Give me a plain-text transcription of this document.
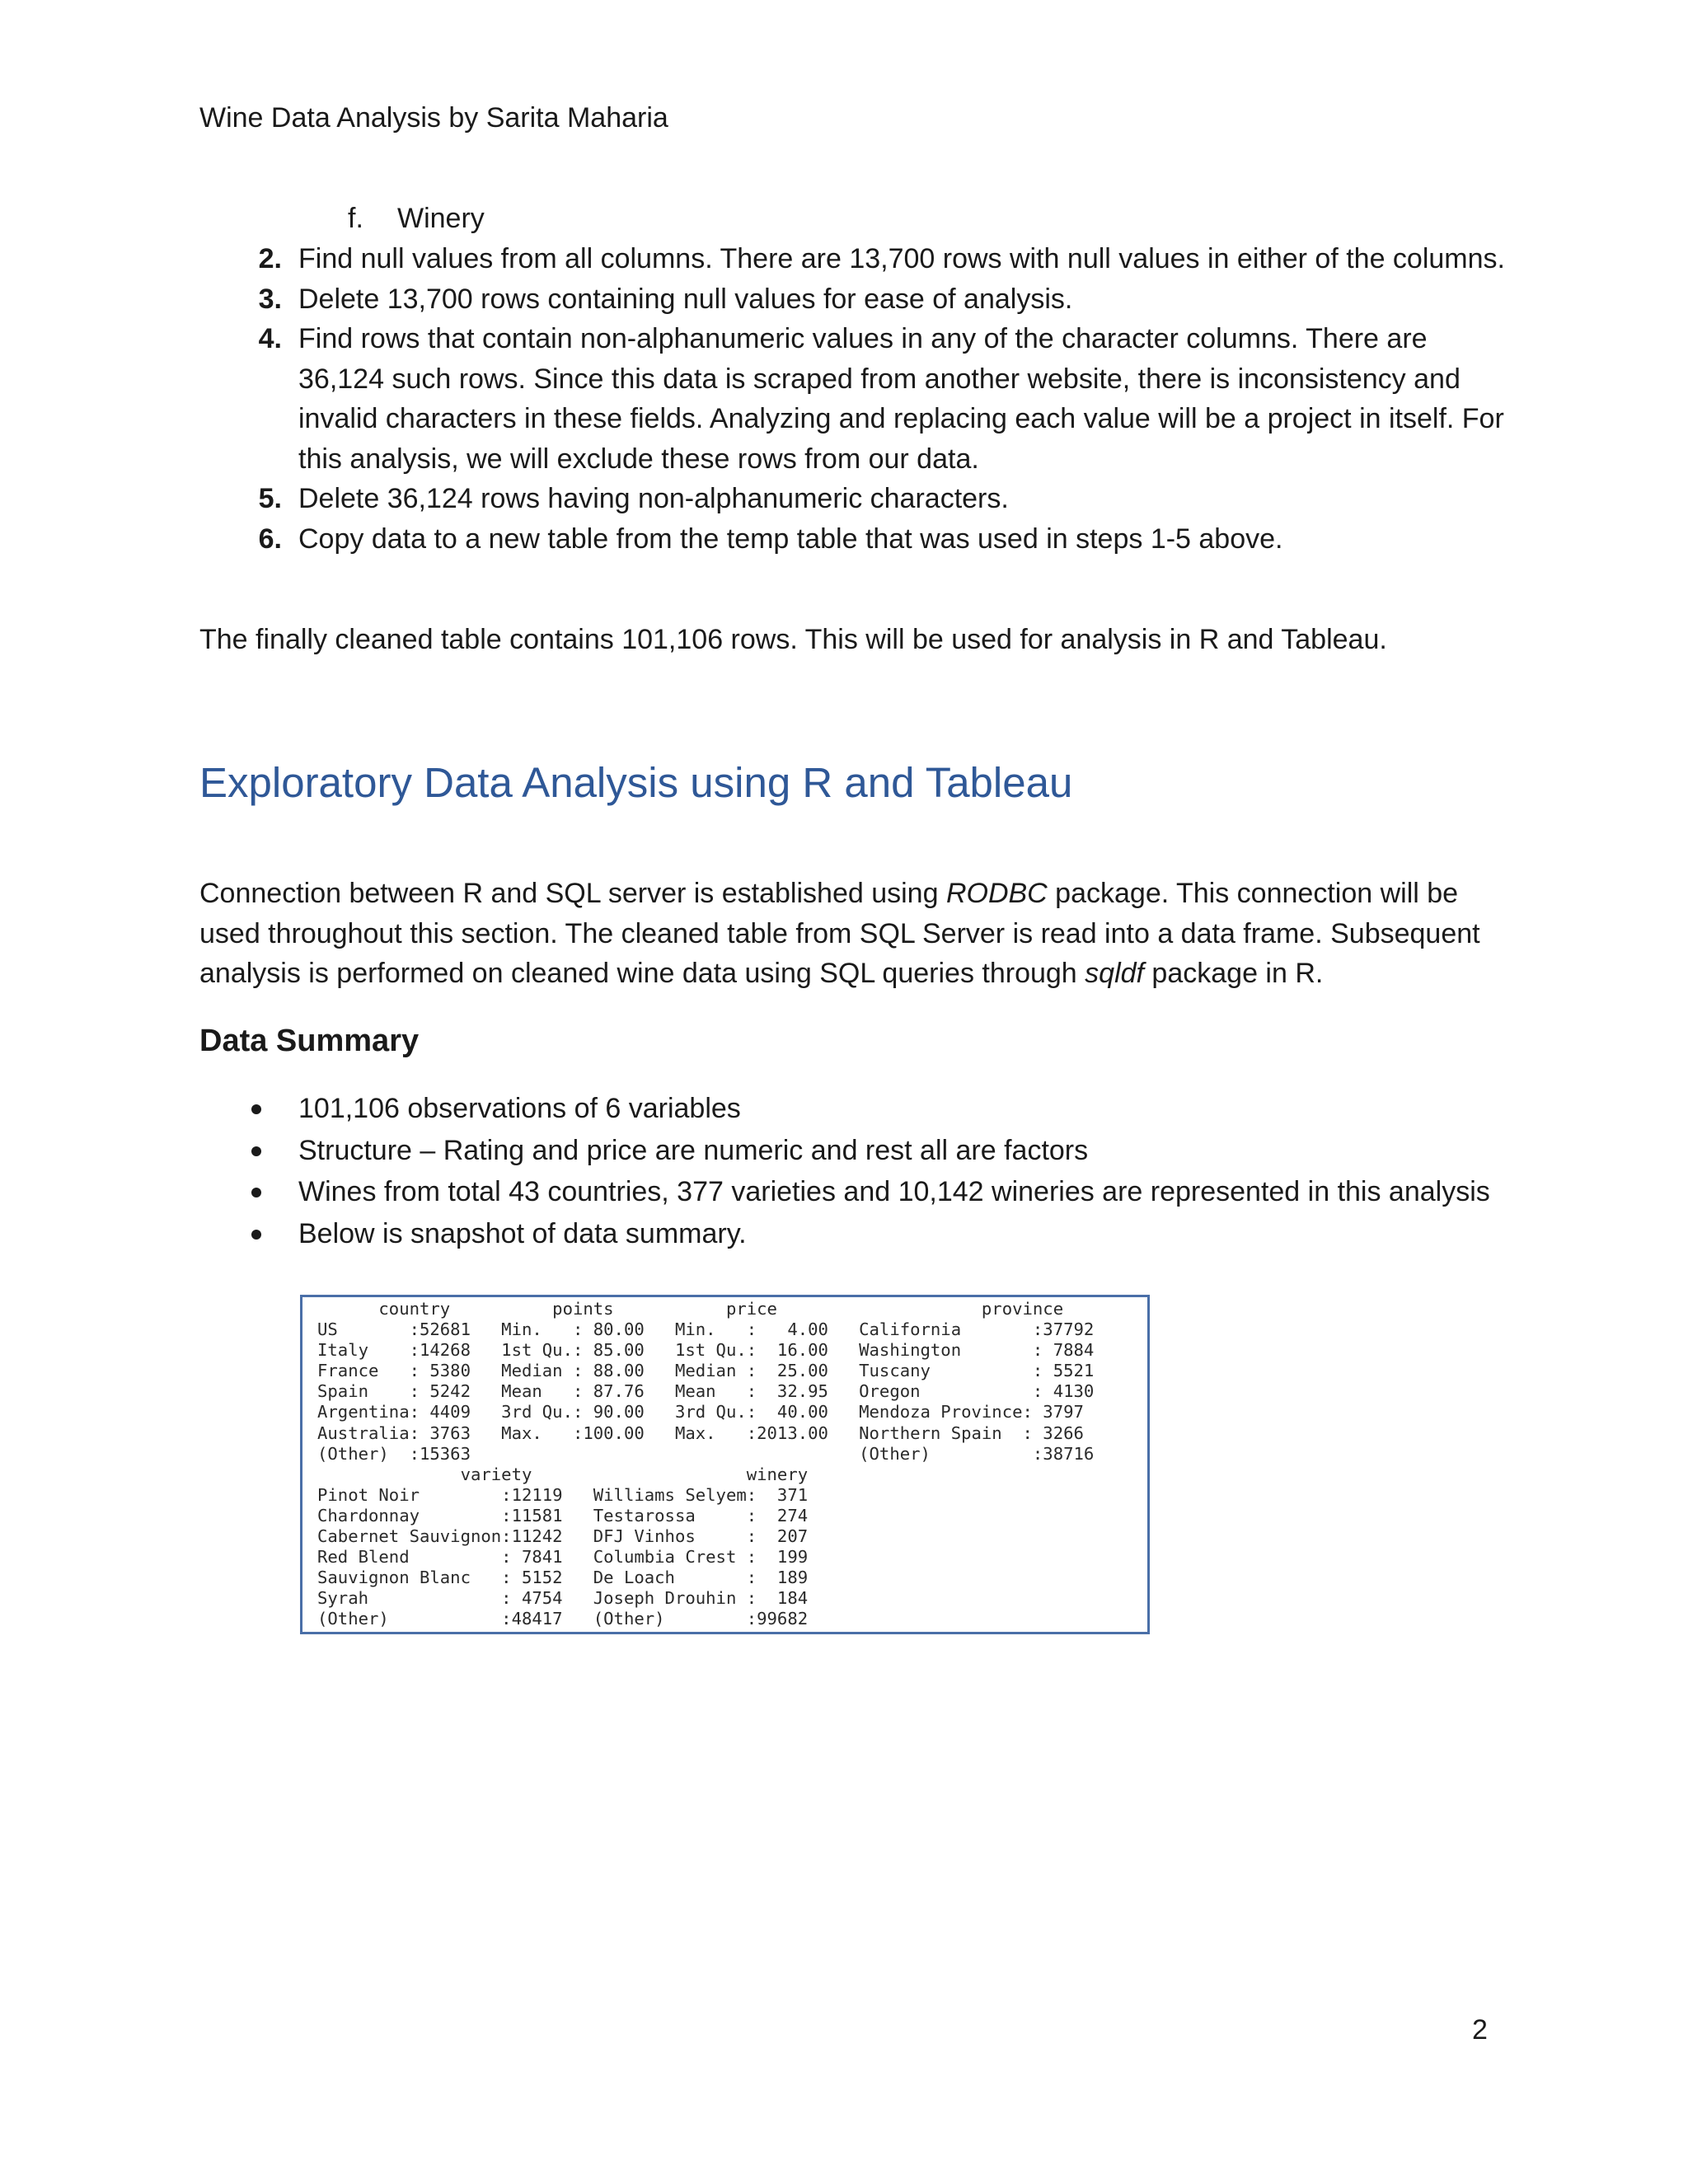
Wine Data Analysis by Sarita Maharia
f. Winery
2. Find null values from all columns. There are 13,700 rows with null values in either of the columns.
3. Delete 13,700 rows containing null values for ease of analysis.
4. Find rows that contain non-alphanumeric values in any of the character columns. There are 36,124 such rows. Since this data is scraped from another website, there is inconsistency and invalid characters in these fields. Analyzing and replacing each value will be a project in itself. For this analysis, we will exclude these rows from our data.
5. Delete 36,124 rows having non-alphanumeric characters.
6. Copy data to a new table from the temp table that was used in steps 1-5 above.

The finally cleaned table contains 101,106 rows. This will be used for analysis in R and Tableau.

Exploratory Data Analysis using R and Tableau

Connection between R and SQL server is established using RODBC package. This connection will be used throughout this section. The cleaned table from SQL Server is read into a data frame. Subsequent analysis is performed on cleaned wine data using SQL queries through sqldf package in R.

Data Summary
101,106 observations of 6 variables
Structure – Rating and price are numeric and rest all are factors
Wines from total 43 countries, 377 varieties and 10,142 wineries are represented in this analysis
Below is snapshot of data summary.
country          points           price                    province
US       :52681   Min.   : 80.00   Min.   :   4.00   California       :37792
Italy    :14268   1st Qu.: 85.00   1st Qu.:  16.00   Washington       : 7884
France   : 5380   Median : 88.00   Median :  25.00   Tuscany          : 5521
Spain    : 5242   Mean   : 87.76   Mean   :  32.95   Oregon           : 4130
Argentina: 4409   3rd Qu.: 90.00   3rd Qu.:  40.00   Mendoza Province: 3797
Australia: 3763   Max.   :100.00   Max.   :2013.00   Northern Spain  : 3266
(Other)  :15363                                      (Other)          :38716
variety                     winery
Pinot Noir        :12119   Williams Selyem:  371
Chardonnay        :11581   Testarossa     :  274
Cabernet Sauvignon:11242   DFJ Vinhos     :  207
Red Blend         : 7841   Columbia Crest :  199
Sauvignon Blanc   : 5152   De Loach       :  189
Syrah             : 4754   Joseph Drouhin :  184
(Other)           :48417   (Other)        :99682
2
